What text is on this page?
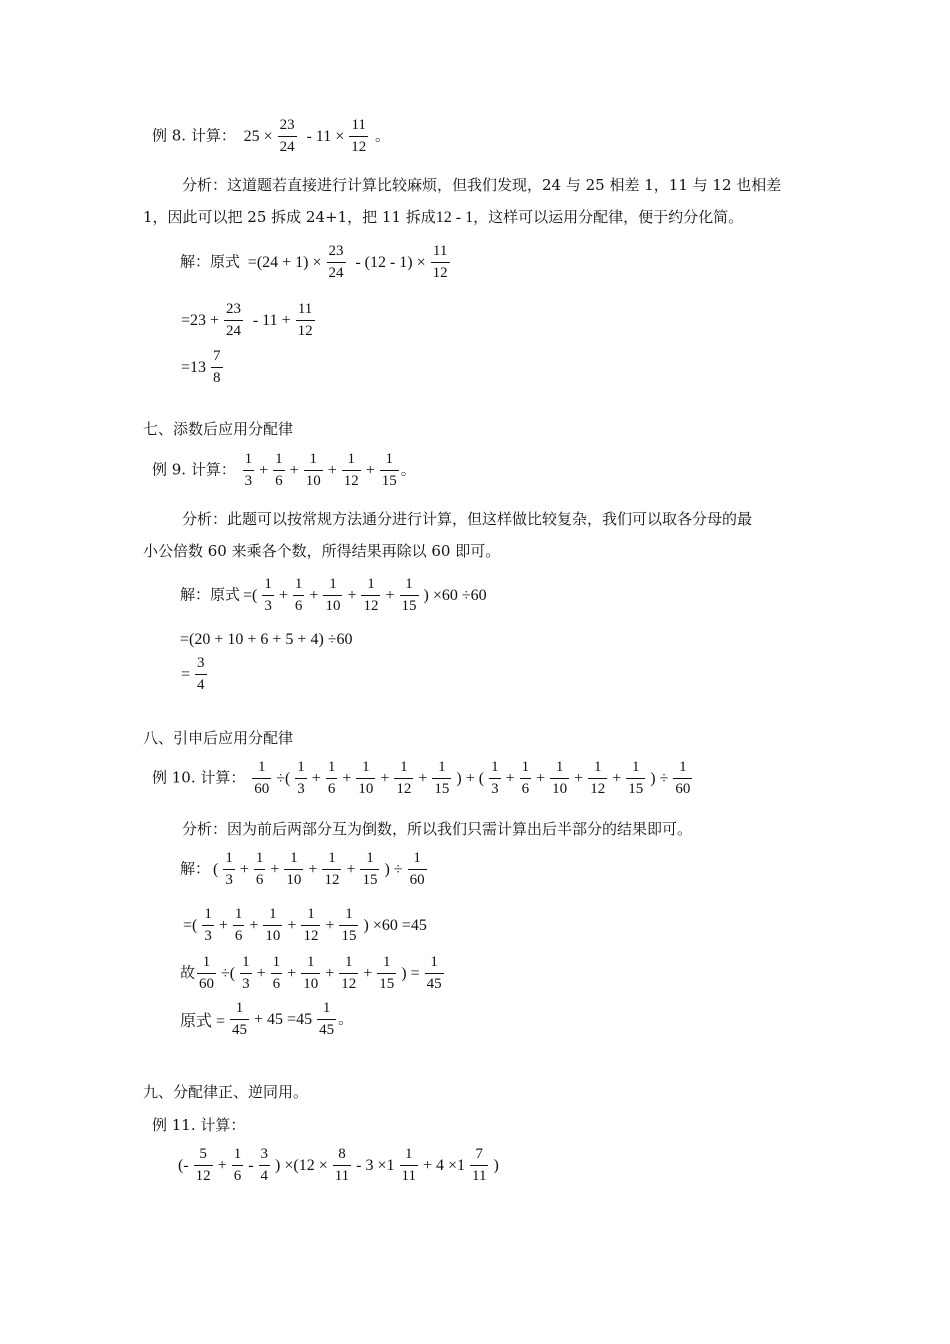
例 8. 计算： $25 \times \frac{23}{24} - 11 \times \frac{11}{12}$ 。
分析：这道题若直接进行计算比较麻烦，但我们发现，24 与 25 相差 1，11 与 12 也相差
1，因此可以把 25 拆成 24+1，把 11 拆成12 - 1，这样可以运用分配律，便于约分化简。
解：原式 $=(24 + 1) \times \frac{23}{24} - (12 - 1) \times \frac{11}{12}$
$=23 + \frac{23}{24} - 11 + \frac{11}{12}$
$=13 \frac{7}{8}$
七、添数后应用分配律
例 9. 计算： $\frac{1}{3} + \frac{1}{6} + \frac{1}{10} + \frac{1}{12} + \frac{1}{15}$ 。
分析：此题可以按常规方法通分进行计算，但这样做比较复杂，我们可以取各分母的最
小公倍数 60 来乘各个数，所得结果再除以 60 即可。
解：原式 =( $\frac{1}{3} + \frac{1}{6} + \frac{1}{10} + \frac{1}{12} + \frac{1}{15}$ ) ×60 ÷60
=(20 + 10 + 6 + 5 + 4) ÷60
= $\frac{3}{4}$
八、引申后应用分配律
例 10. 计算： $\frac{1}{60}$ ÷( $\frac{1}{3} + \frac{1}{6} + \frac{1}{10} + \frac{1}{12} + \frac{1}{15}$ ) + ( $\frac{1}{3} + \frac{1}{6} + \frac{1}{10} + \frac{1}{12} + \frac{1}{15}$ ) ÷ $\frac{1}{60}$
分析：因为前后两部分互为倒数，所以我们只需计算出后半部分的结果即可。
解： ( $\frac{1}{3} + \frac{1}{6} + \frac{1}{10} + \frac{1}{12} + \frac{1}{15}$ ) ÷ $\frac{1}{60}$
=( $\frac{1}{3} + \frac{1}{6} + \frac{1}{10} + \frac{1}{12} + \frac{1}{15}$ ) ×60 =45
故 $\frac{1}{60}$ ÷( $\frac{1}{3} + \frac{1}{6} + \frac{1}{10} + \frac{1}{12} + \frac{1}{15}$ ) = $\frac{1}{45}$
原式 = $\frac{1}{45} + 45 =45 \frac{1}{45}$ 。
九、分配律正、逆同用。
例 11. 计算：
(- $\frac{5}{12} + \frac{1}{6} - \frac{3}{4}$ ) $\times(12 \times \frac{8}{11} - 3 \times 1 \frac{1}{11} + 4 \times 1 \frac{7}{11}$ )
